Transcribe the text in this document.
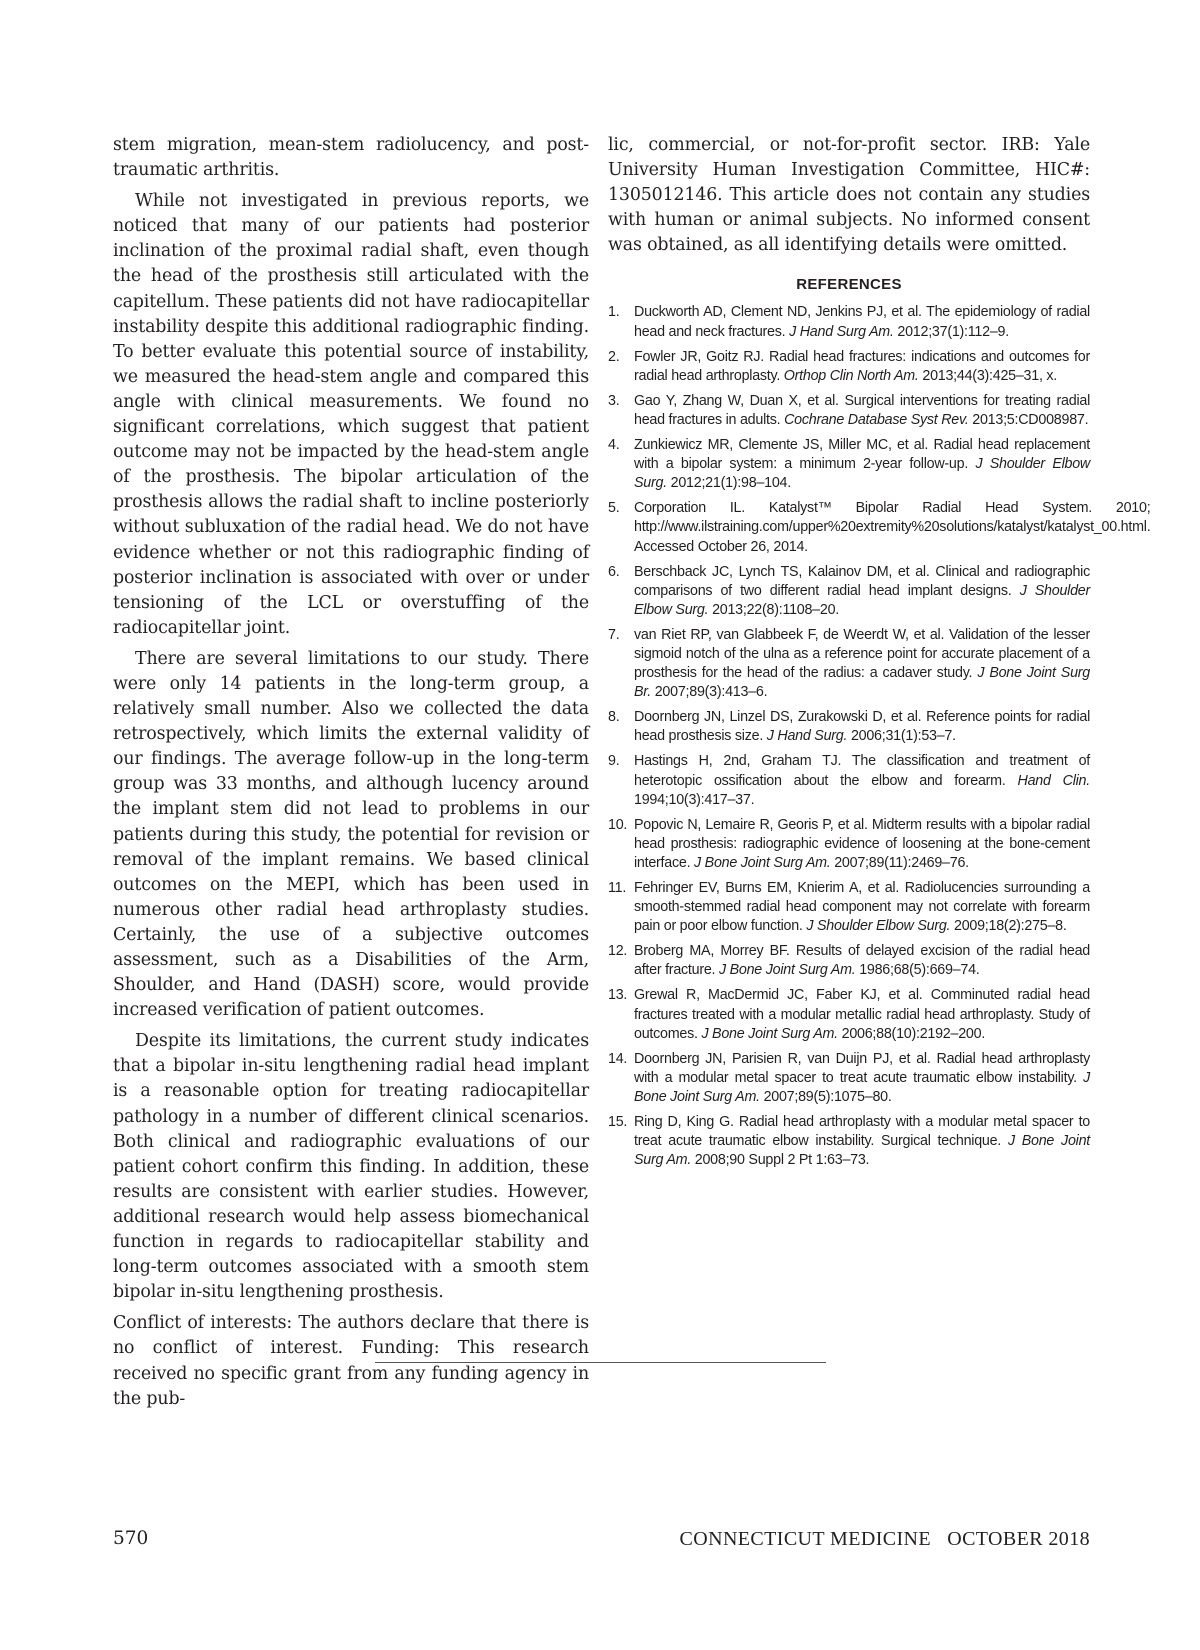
stem migration, mean-stem radiolucency, and post-traumatic arthritis.

While not investigated in previous reports, we noticed that many of our patients had posterior inclination of the proximal radial shaft, even though the head of the prosthesis still articulated with the capitellum. These patients did not have radiocapitellar instability despite this additional radiographic finding. To better evaluate this potential source of instability, we measured the head-stem angle and compared this angle with clinical measurements. We found no significant correlations, which suggest that patient outcome may not be impacted by the head-stem angle of the prosthesis. The bipolar articulation of the prosthesis allows the radial shaft to incline posteriorly without subluxation of the radial head. We do not have evidence whether or not this radiographic finding of posterior inclination is associated with over or under tensioning of the LCL or overstuffing of the radiocapitellar joint.

There are several limitations to our study. There were only 14 patients in the long-term group, a relatively small number. Also we collected the data retrospectively, which limits the external validity of our findings. The average follow-up in the long-term group was 33 months, and although lucency around the implant stem did not lead to problems in our patients during this study, the potential for revision or removal of the implant remains. We based clinical outcomes on the MEPI, which has been used in numerous other radial head arthroplasty studies. Certainly, the use of a subjective outcomes assessment, such as a Disabilities of the Arm, Shoulder, and Hand (DASH) score, would provide increased verification of patient outcomes.

Despite its limitations, the current study indicates that a bipolar in-situ lengthening radial head implant is a reasonable option for treating radiocapitellar pathology in a number of different clinical scenarios. Both clinical and radiographic evaluations of our patient cohort confirm this finding. In addition, these results are consistent with earlier studies. However, additional research would help assess biomechanical function in regards to radiocapitellar stability and long-term outcomes associated with a smooth stem bipolar in-situ lengthening prosthesis.

Conflict of interests: The authors declare that there is no conflict of interest. Funding: This research received no specific grant from any funding agency in the pub-

lic, commercial, or not-for-profit sector. IRB: Yale University Human Investigation Committee, HIC#: 1305012146. This article does not contain any studies with human or animal subjects. No informed consent was obtained, as all identifying details were omitted.

REFERENCES
1.	Duckworth AD, Clement ND, Jenkins PJ, et al. The epidemiology of radial head and neck fractures. J Hand Surg Am. 2012;37(1):112–9.
2.	Fowler JR, Goitz RJ. Radial head fractures: indications and outcomes for radial head arthroplasty. Orthop Clin North Am. 2013;44(3):425–31, x.
3.	Gao Y, Zhang W, Duan X, et al. Surgical interventions for treating radial head fractures in adults. Cochrane Database Syst Rev. 2013;5:CD008987.
4.	Zunkiewicz MR, Clemente JS, Miller MC, et al. Radial head replacement with a bipolar system: a minimum 2-year follow-up. J Shoulder Elbow Surg. 2012;21(1):98–104.
5.	Corporation IL. Katalyst™ Bipolar Radial Head System. 2010; http://www.ilstraining.com/upper%20extremity%20solutions/katalyst/katalyst_00.html. Accessed October 26, 2014.
6.	Berschback JC, Lynch TS, Kalainov DM, et al. Clinical and radiographic comparisons of two different radial head implant designs. J Shoulder Elbow Surg. 2013;22(8):1108–20.
7.	van Riet RP, van Glabbeek F, de Weerdt W, et al. Validation of the lesser sigmoid notch of the ulna as a reference point for accurate placement of a prosthesis for the head of the radius: a cadaver study. J Bone Joint Surg Br. 2007;89(3):413–6.
8.	Doornberg JN, Linzel DS, Zurakowski D, et al. Reference points for radial head prosthesis size. J Hand Surg. 2006;31(1):53–7.
9.	Hastings H, 2nd, Graham TJ. The classification and treatment of heterotopic ossification about the elbow and forearm. Hand Clin. 1994;10(3):417–37.
10. Popovic N, Lemaire R, Georis P, et al. Midterm results with a bipolar radial head prosthesis: radiographic evidence of loosening at the bone-cement interface. J Bone Joint Surg Am. 2007;89(11):2469–76.
11. Fehringer EV, Burns EM, Knierim A, et al. Radiolucencies surrounding a smooth-stemmed radial head component may not correlate with forearm pain or poor elbow function. J Shoulder Elbow Surg. 2009;18(2):275–8.
12. Broberg MA, Morrey BF. Results of delayed excision of the radial head after fracture. J Bone Joint Surg Am. 1986;68(5):669–74.
13. Grewal R, MacDermid JC, Faber KJ, et al. Comminuted radial head fractures treated with a modular metallic radial head arthroplasty. Study of outcomes. J Bone Joint Surg Am. 2006;88(10):2192–200.
14. Doornberg JN, Parisien R, van Duijn PJ, et al. Radial head arthroplasty with a modular metal spacer to treat acute traumatic elbow instability. J Bone Joint Surg Am. 2007;89(5):1075–80.
15. Ring D, King G. Radial head arthroplasty with a modular metal spacer to treat acute traumatic elbow instability. Surgical technique. J Bone Joint Surg Am. 2008;90 Suppl 2 Pt 1:63–73.
570	CONNECTICUT MEDICINE   OCTOBER 2018
